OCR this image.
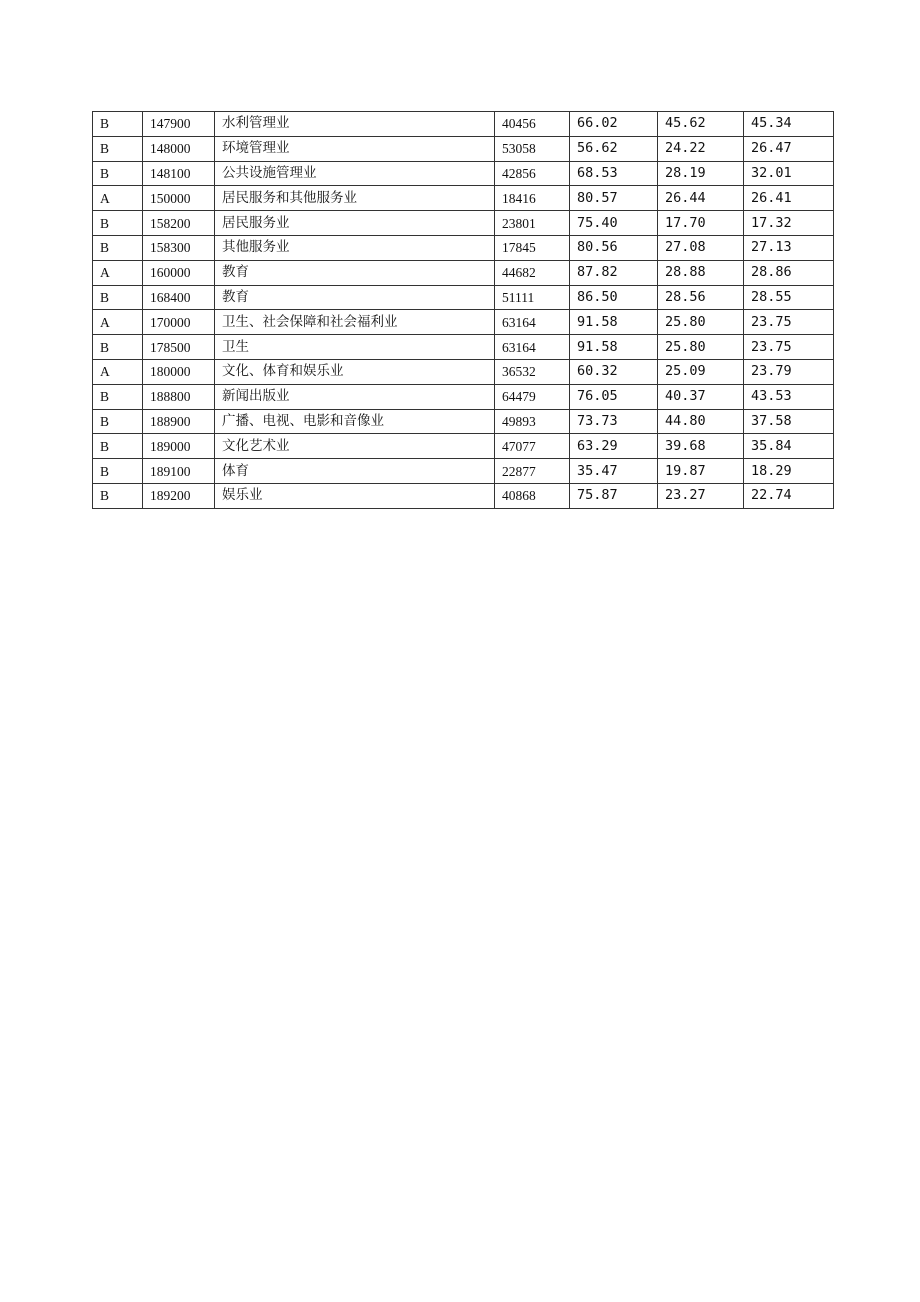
B	147900	水利管理业	40456	66.02	45.62	45.34
B	148000	环境管理业	53058	56.62	24.22	26.47
B	148100	公共设施管理业	42856	68.53	28.19	32.01
A	150000	居民服务和其他服务业	18416	80.57	26.44	26.41
B	158200	居民服务业	23801	75.40	17.70	17.32
B	158300	其他服务业	17845	80.56	27.08	27.13
A	160000	教育	44682	87.82	28.88	28.86
B	168400	教育	51111	86.50	28.56	28.55
A	170000	卫生、社会保障和社会福利业	63164	91.58	25.80	23.75
B	178500	卫生	63164	91.58	25.80	23.75
A	180000	文化、体育和娱乐业	36532	60.32	25.09	23.79
B	188800	新闻出版业	64479	76.05	40.37	43.53
B	188900	广播、电视、电影和音像业	49893	73.73	44.80	37.58
B	189000	文化艺术业	47077	63.29	39.68	35.84
B	189100	体育	22877	35.47	19.87	18.29
B	189200	娱乐业	40868	75.87	23.27	22.74
